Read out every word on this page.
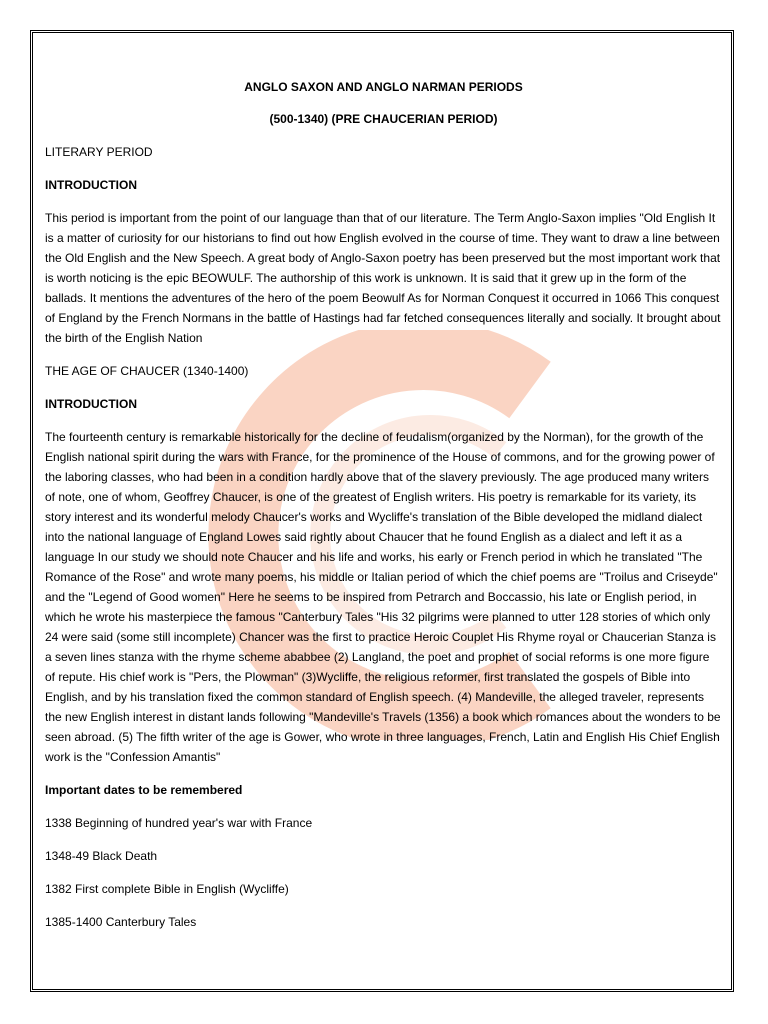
ANGLO SAXON AND ANGLO NARMAN PERIODS
(500-1340) (PRE CHAUCERIAN PERIOD)
LITERARY PERIOD
INTRODUCTION
This period is important from the point of our language than that of our literature. The Term Anglo-Saxon implies "Old English It is a matter of curiosity for our historians to find out how English evolved in the course of time. They want to draw a line between the Old English and the New Speech. A great body of Anglo-Saxon poetry has been preserved but the most important work that is worth noticing is the epic BEOWULF. The authorship of this work is unknown. It is said that it grew up in the form of the ballads. It mentions the adventures of the hero of the poem Beowulf As for Norman Conquest it occurred in 1066 This conquest of England by the French Normans in the battle of Hastings had far fetched consequences literally and socially. It brought about the birth of the English Nation
THE AGE OF CHAUCER (1340-1400)
INTRODUCTION
The fourteenth century is remarkable historically for the decline of feudalism(organized by the Norman), for the growth of the English national spirit during the wars with France, for the prominence of the House of commons, and for the growing power of the laboring classes, who had been in a condition hardly above that of the slavery previously. The age produced many writers of note, one of whom, Geoffrey Chaucer, is one of the greatest of English writers. His poetry is remarkable for its variety, its story interest and its wonderful melody Chaucer's works and Wycliffe's translation of the Bible developed the midland dialect into the national language of England Lowes said rightly about Chaucer that he found English as a dialect and left it as a language In our study we should note Chaucer and his life and works, his early or French period in which he translated "The Romance of the Rose" and wrote many poems, his middle or Italian period of which the chief poems are "Troilus and Criseyde" and the "Legend of Good women" Here he seems to be inspired from Petrarch and Boccassio, his late or English period, in which he wrote his masterpiece the famous "Canterbury Tales "His 32 pilgrims were planned to utter 128 stories of which only 24 were said (some still incomplete) Chancer was the first to practice Heroic Couplet His Rhyme royal or Chaucerian Stanza is a seven lines stanza with the rhyme scheme ababbee (2) Langland, the poet and prophet of social reforms is one more figure of repute. His chief work is "Pers, the Plowman" (3)Wycliffe, the religious reformer, first translated the gospels of Bible into English, and by his translation fixed the common standard of English speech. (4) Mandeville, the alleged traveler, represents the new English interest in distant lands following "Mandeville's Travels (1356) a book which romances about the wonders to be seen abroad. (5) The fifth writer of the age is Gower, who wrote in three languages, French, Latin and English His Chief English work is the "Confession Amantis"
Important dates to be remembered
1338 Beginning of hundred year's war with France
1348-49 Black Death
1382 First complete Bible in English (Wycliffe)
1385-1400 Canterbury Tales
